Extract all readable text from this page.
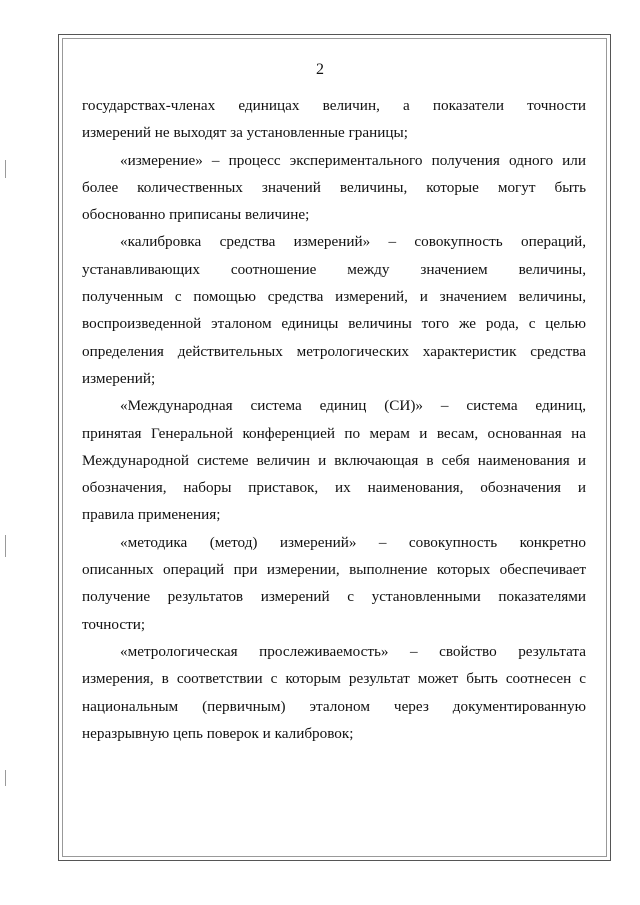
2

государствах-членах единицах величин, а показатели точности
измерений не выходят за установленные границы;

«измерение» – процесс экспериментального получения одного или
более количественных значений величины, которые могут быть
обоснованно приписаны величине;

«калибровка средства измерений» – совокупность операций,
устанавливающих соотношение между значением величины,
полученным с помощью средства измерений, и значением величины,
воспроизведенной эталоном единицы величины того же рода, с целью
определения действительных метрологических характеристик средства
измерений;

«Международная система единиц (СИ)» – система единиц,
принятая Генеральной конференцией по мерам и весам, основанная на
Международной системе величин и включающая в себя наименования и
обозначения, наборы приставок, их наименования, обозначения и
правила применения;

«методика (метод) измерений» – совокупность конкретно
описанных операций при измерении, выполнение которых обеспечивает
получение результатов измерений с установленными показателями
точности;

«метрологическая прослеживаемость» – свойство результата
измерения, в соответствии с которым результат может быть соотнесен с
национальным (первичным) эталоном через документированную
неразрывную цепь поверок и калибровок;
